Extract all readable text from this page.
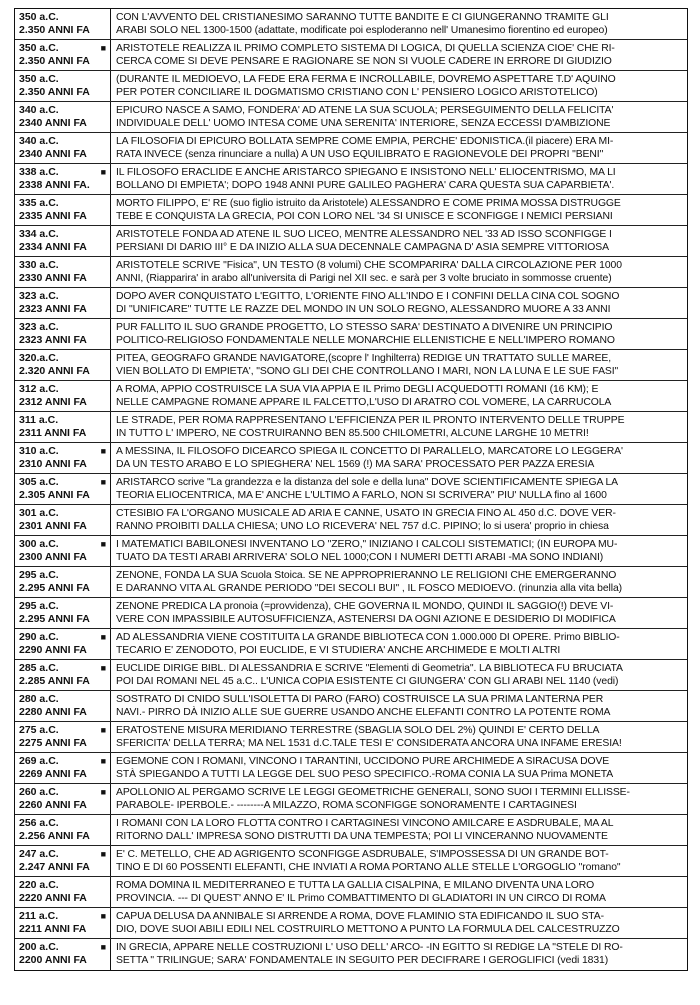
350 a.C.
2.350 ANNI FA
CON L'AVVENTO DEL CRISTIANESIMO SARANNO TUTTE BANDITE E CI GIUNGERANNO TRAMITE GLI
ARABI SOLO NEL 1300-1500 (adattate, modificate poi esploderanno nell' Umanesimo fiorentino ed europeo)
350 a.C.
2.350 ANNI FA
■ ARISTOTELE REALIZZA IL PRIMO COMPLETO SISTEMA DI LOGICA, DI QUELLA SCIENZA CIOE' CHE RI-
CERCA COME SI DEVE PENSARE E RAGIONARE SE NON SI VUOLE CADERE IN ERRORE DI GIUDIZIO
350 a.C.
2.350 ANNI FA
(DURANTE IL MEDIOEVO, LA FEDE ERA FERMA E INCROLLABILE, DOVREMO ASPETTARE T.D' AQUINO
PER POTER CONCILIARE IL DOGMATISMO CRISTIANO CON L' PENSIERO LOGICO ARISTOTELICO)
340 a.C.
2340 ANNI FA
EPICURO NASCE A SAMO, FONDERA' AD ATENE LA SUA SCUOLA; PERSEGUIMENTO DELLA FELICITA'
INDIVIDUALE DELL' UOMO INTESA COME UNA SERENITA' INTERIORE, SENZA ECCESSI D'AMBIZIONE
340 a.C.
2340 ANNI FA
LA FILOSOFIA DI EPICURO BOLLATA SEMPRE COME EMPIA, PERCHE' EDONISTICA.(il piacere) ERA MI-
RATA INVECE (senza rinunciare a nulla) A UN USO EQUILIBRATO E RAGIONEVOLE DEI PROPRI "BENI"
338 a.C.
2338 ANNI FA.
■ IL FILOSOFO ERACLIDE E ANCHE ARISTARCO SPIEGANO E INSISTONO NELL' ELIOCENTRISMO, MA LI
BOLLANO DI EMPIETA'; DOPO 1948 ANNI PURE GALILEO PAGHERA' CARA QUESTA SUA CAPARBIETA'.
335 a.C.
2335 ANNI FA
MORTO FILIPPO, E' RE (suo figlio istruito da Aristotele) ALESSANDRO E COME PRIMA MOSSA DISTRUGGE
TEBE E CONQUISTA LA GRECIA, POI CON LORO NEL '34 SI UNISCE E SCONFIGGE I NEMICI PERSIANI
334 a.C.
2334 ANNI FA
ARISTOTELE FONDA AD ATENE IL SUO LICEO, MENTRE ALESSANDRO NEL '33 AD ISSO SCONFIGGE I
PERSIANI DI DARIO III° E DA INIZIO ALLA SUA DECENNALE CAMPAGNA D' ASIA SEMPRE VITTORIOSA
330 a.C.
2330 ANNI FA
ARISTOTELE SCRIVE "Fisica", UN TESTO (8 volumi) CHE SCOMPARIRA' DALLA CIRCOLAZIONE PER 1000
ANNI, (Riapparira' in arabo all'universita di Parigi nel XII sec. e sarà per 3 volte bruciato in sommosse cruente)
323 a.C.
2323 ANNI FA
DOPO AVER CONQUISTATO L'EGITTO, L'ORIENTE FINO ALL'INDO E I CONFINI DELLA CINA COL SOGNO
DI "UNIFICARE" TUTTE LE RAZZE DEL MONDO IN UN SOLO REGNO, ALESSANDRO MUORE A 33 ANNI
323 a.C.
2323 ANNI FA
PUR FALLITO IL SUO GRANDE PROGETTO, LO STESSO SARA' DESTINATO A DIVENIRE UN PRINCIPIO
POLITICO-RELIGIOSO FONDAMENTALE NELLE MONARCHIE ELLENISTICHE E NELL'IMPERO ROMANO
320.a.C.
2.320 ANNI FA
PITEA, GEOGRAFO GRANDE NAVIGATORE,(scopre l' Inghilterra) REDIGE UN TRATTATO SULLE MAREE,
VIEN BOLLATO DI EMPIETA', "SONO GLI DEI CHE CONTROLLANO I MARI, NON LA LUNA E LE SUE FASI"
312 a.C.
2312 ANNI FA
A ROMA, APPIO COSTRUISCE LA SUA VIA APPIA E IL Primo DEGLI ACQUEDOTTI ROMANI (16 KM); E
NELLE CAMPAGNE ROMANE APPARE IL FALCETTO,L'USO DI ARATRO COL VOMERE, LA CARRUCOLA
311 a.C.
2311 ANNI FA
LE STRADE, PER ROMA RAPPRESENTANO L'EFFICIENZA PER IL PRONTO INTERVENTO DELLE TRUPPE
IN TUTTO L' IMPERO, NE COSTRUIRANNO BEN 85.500 CHILOMETRI, ALCUNE LARGHE 10 METRI!
310 a.C.
2310 ANNI FA
■ A MESSINA, IL FILOSOFO DICEARCO SPIEGA IL CONCETTO DI PARALLELO, MARCATORE LO LEGGERA'
DA UN TESTO ARABO E LO SPIEGHERA' NEL 1569 (!) MA SARA' PROCESSATO PER PAZZA ERESIA
305 a.C.
2.305 ANNI FA
■ ARISTARCO scrive "La grandezza e la distanza del sole e della luna" DOVE SCIENTIFICAMENTE SPIEGA LA
TEORIA ELIOCENTRICA, MA E' ANCHE L'ULTIMO A FARLO, NON SI SCRIVERA'' PIU' NULLA fino al 1600
301 a.C.
2301 ANNI FA
CTESIBIO FA L'ORGANO MUSICALE AD ARIA E CANNE, USATO IN GRECIA FINO AL 450 d.C. DOVE VER-
RANNO PROIBITI DALLA CHIESA; UNO LO RICEVERA' NEL 757 d.C. PIPINO; lo si usera' proprio in chiesa
300 a.C.
2300 ANNI FA
■ I MATEMATICI BABILONESI INVENTANO LO "ZERO," INIZIANO I CALCOLI SISTEMATICI; (IN EUROPA MU-
TUATO DA TESTI ARABI ARRIVERA' SOLO NEL 1000;CON I NUMERI DETTI ARABI -MA SONO INDIANI)
295 a.C.
2.295 ANNI FA
ZENONE, FONDA LA SUA Scuola Stoica. SE NE APPROPRIERANNO LE RELIGIONI CHE EMERGERANNO
E DARANNO VITA AL GRANDE PERIODO "DEI SECOLI BUI" , IL FOSCO MEDIOEVO. (rinunzia alla vita bella)
295 a.C.
2.295 ANNI FA
ZENONE PREDICA LA pronoia (=provvidenza), CHE GOVERNA IL MONDO, QUINDI IL SAGGIO(!) DEVE VI-
VERE CON IMPASSIBILE AUTOSUFFICIENZA, ASTENERSI DA OGNI AZIONE E DESIDERIO DI MODIFICA
290 a.C.
2290 ANNI FA
■ AD ALESSANDRIA VIENE COSTITUITA LA GRANDE BIBLIOTECA CON 1.000.000 DI OPERE. Primo BIBLIO-
TECARIO E' ZENODOTO, POI EUCLIDE, E VI STUDIERA' ANCHE ARCHIMEDE E MOLTI ALTRI
285 a.C.
2.285 ANNI FA
■ EUCLIDE DIRIGE BIBL. DI ALESSANDRIA E SCRIVE "Elementi di Geometria". LA BIBLIOTECA FU BRUCIATA
POI DAI ROMANI NEL 45 a.C.. L'UNICA COPIA ESISTENTE CI GIUNGERA' CON GLI ARABI NEL 1140 (vedi)
280 a.C.
2280 ANNI FA
SOSTRATO DI CNIDO SULL'ISOLETTA DI PARO (FARO) COSTRUISCE LA SUA PRIMA LANTERNA PER
NAVI.- PIRRO DÀ INIZIO ALLE SUE GUERRE USANDO ANCHE ELEFANTI CONTRO LA POTENTE ROMA
275 a.C.
2275 ANNI FA
■ ERATOSTENE MISURA MERIDIANO TERRESTRE (SBAGLIA SOLO DEL 2%) QUINDI E' CERTO DELLA
SFERICITA' DELLA TERRA; MA NEL 1531 d.C.TALE TESI E' CONSIDERATA ANCORA UNA INFAME ERESIA!
269 a.C.
2269 ANNI FA
■ EGEMONE CON I ROMANI, VINCONO I TARANTINI, UCCIDONO PURE ARCHIMEDE A SIRACUSA DOVE
STÀ SPIEGANDO A TUTTI LA LEGGE DEL SUO PESO SPECIFICO.-ROMA CONIA LA SUA Prima MONETA
260 a.C.
2260 ANNI FA
■ APOLLONIO AL PERGAMO SCRIVE LE LEGGI GEOMETRICHE GENERALI, SONO SUOI I TERMINI ELLISSE-
PARABOLE- IPERBOLE.- --------A MILAZZO, ROMA SCONFIGGE SONORAMENTE I CARTAGINESI
256 a.C.
2.256 ANNI FA
I ROMANI CON LA LORO FLOTTA CONTRO I CARTAGINESI VINCONO AMILCARE E ASDRUBALE, MA AL
RITORNO DALL' IMPRESA SONO DISTRUTTI DA UNA TEMPESTA; POI LI VINCERANNO NUOVAMENTE
247 a.C.
2.247 ANNI FA
■ E' C. METELLO, CHE AD AGRIGENTO SCONFIGGE ASDRUBALE, S'IMPOSSESSA DI UN GRANDE BOT-
TINO E DI 60 POSSENTI ELEFANTI, CHE INVIATI A ROMA PORTANO ALLE STELLE L'ORGOGLIO "romano"
220 a.C.
2220 ANNI FA
ROMA DOMINA IL MEDITERRANEO E TUTTA LA GALLIA CISALPINA, E MILANO DIVENTA UNA LORO
PROVINCIA. --- DI QUEST' ANNO E' IL Primo COMBATTIMENTO DI GLADIATORI IN UN CIRCO DI ROMA
211 a.C.
2211 ANNI FA
■ CAPUA DELUSA DA ANNIBALE SI ARRENDE A ROMA, DOVE FLAMINIO STA EDIFICANDO IL SUO STA-
DIO, DOVE SUOI ABILI EDILI NEL COSTRUIRLO METTONO A PUNTO LA FORMULA DEL CALCESTRUZZO
200 a.C.
2200 ANNI FA
■ IN GRECIA, APPARE NELLE COSTRUZIONI L' USO DELL' ARCO- -IN EGITTO SI REDIGE LA "STELE DI RO-
SETTA " TRILINGUE; SARA' FONDAMENTALE IN SEGUITO PER DECIFRARE I GEROGLIFICI (vedi 1831)
